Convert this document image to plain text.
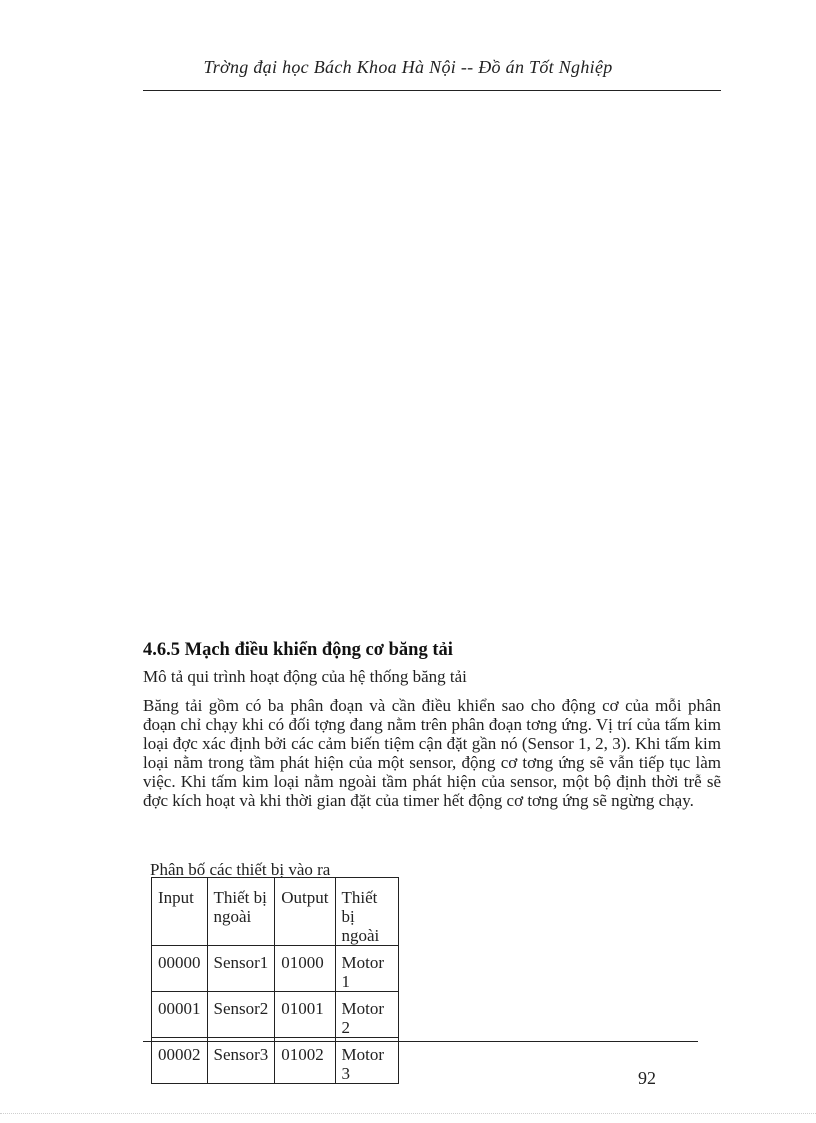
Trờng đại học Bách Khoa Hà Nội -- Đồ án Tốt Nghiệp
4.6.5 Mạch điều khiển động cơ băng tải
Mô tả qui trình hoạt động của hệ thống băng tải

Băng tải gồm có ba phân đoạn và cần điều khiển sao cho động cơ của mỗi phân đoạn chỉ chạy khi có đối tợng đang nằm trên phân đoạn tơng ứng. Vị trí của tấm kim loại đợc xác định bởi các cảm biến tiệm cận đặt gần nó (Sensor 1, 2, 3). Khi tấm kim loại nằm trong tầm phát hiện của một sensor, động cơ tơng ứng sẽ vẫn tiếp tục làm việc. Khi tấm kim loại nằm ngoài tầm phát hiện của sensor, một bộ định thời trễ sẽ đợc kích hoạt và khi thời gian đặt của timer hết động cơ tơng ứng sẽ ngừng chạy.

Phân bố các thiết bị vào ra
Input	Thiết bị ngoài	Output	Thiết bị ngoài
00000	Sensor1	01000	Motor 1
00001	Sensor2	01001	Motor 2
00002	Sensor3	01002	Motor 3	92
